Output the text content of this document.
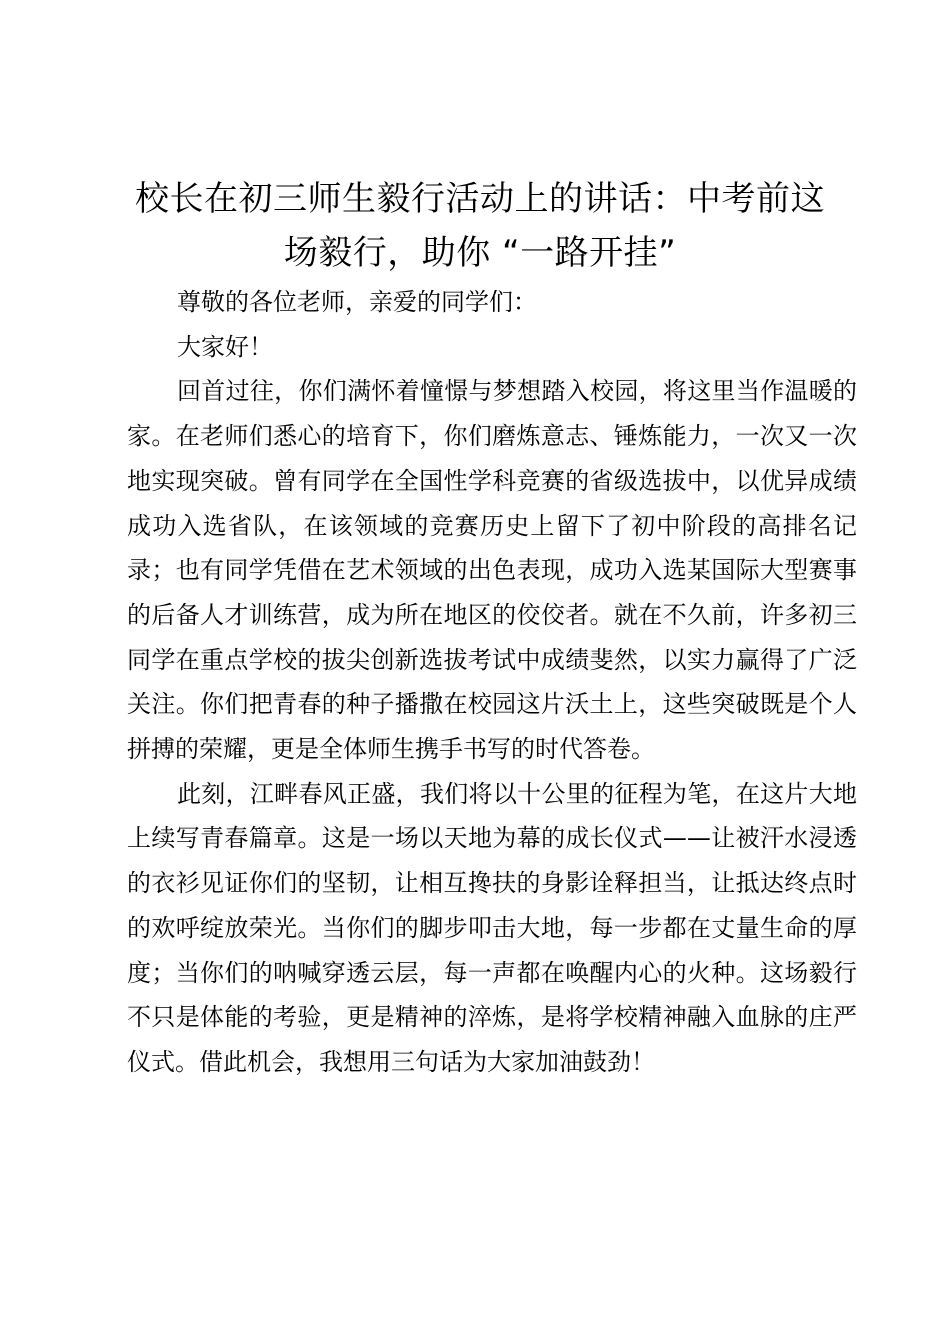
校长在初三师生毅行活动上的讲话：中考前这
场毅行，助你 “一路开挂”

尊敬的各位老师，亲爱的同学们：

大家好！

回首过往，你们满怀着憧憬与梦想踏入校园，将这里当作温暖的家。在老师们悉心的培育下，你们磨炼意志、锤炼能力，一次又一次地实现突破。曾有同学在全国性学科竞赛的省级选拔中，以优异成绩成功入选省队，在该领域的竞赛历史上留下了初中阶段的高排名记录；也有同学凭借在艺术领域的出色表现，成功入选某国际大型赛事的后备人才训练营，成为所在地区的佼佼者。就在不久前，许多初三同学在重点学校的拔尖创新选拔考试中成绩斐然，以实力赢得了广泛关注。你们把青春的种子播撒在校园这片沃土上，这些突破既是个人拼搏的荣耀，更是全体师生携手书写的时代答卷。

此刻，江畔春风正盛，我们将以十公里的征程为笔，在这片大地上续写青春篇章。这是一场以天地为幕的成长仪式——让被汗水浸透的衣衫见证你们的坚韧，让相互搀扶的身影诠释担当，让抵达终点时的欢呼绽放荣光。当你们的脚步叩击大地，每一步都在丈量生命的厚度；当你们的呐喊穿透云层，每一声都在唤醒内心的火种。这场毅行不只是体能的考验，更是精神的淬炼，是将学校精神融入血脉的庄严仪式。借此机会，我想用三句话为大家加油鼓劲！
